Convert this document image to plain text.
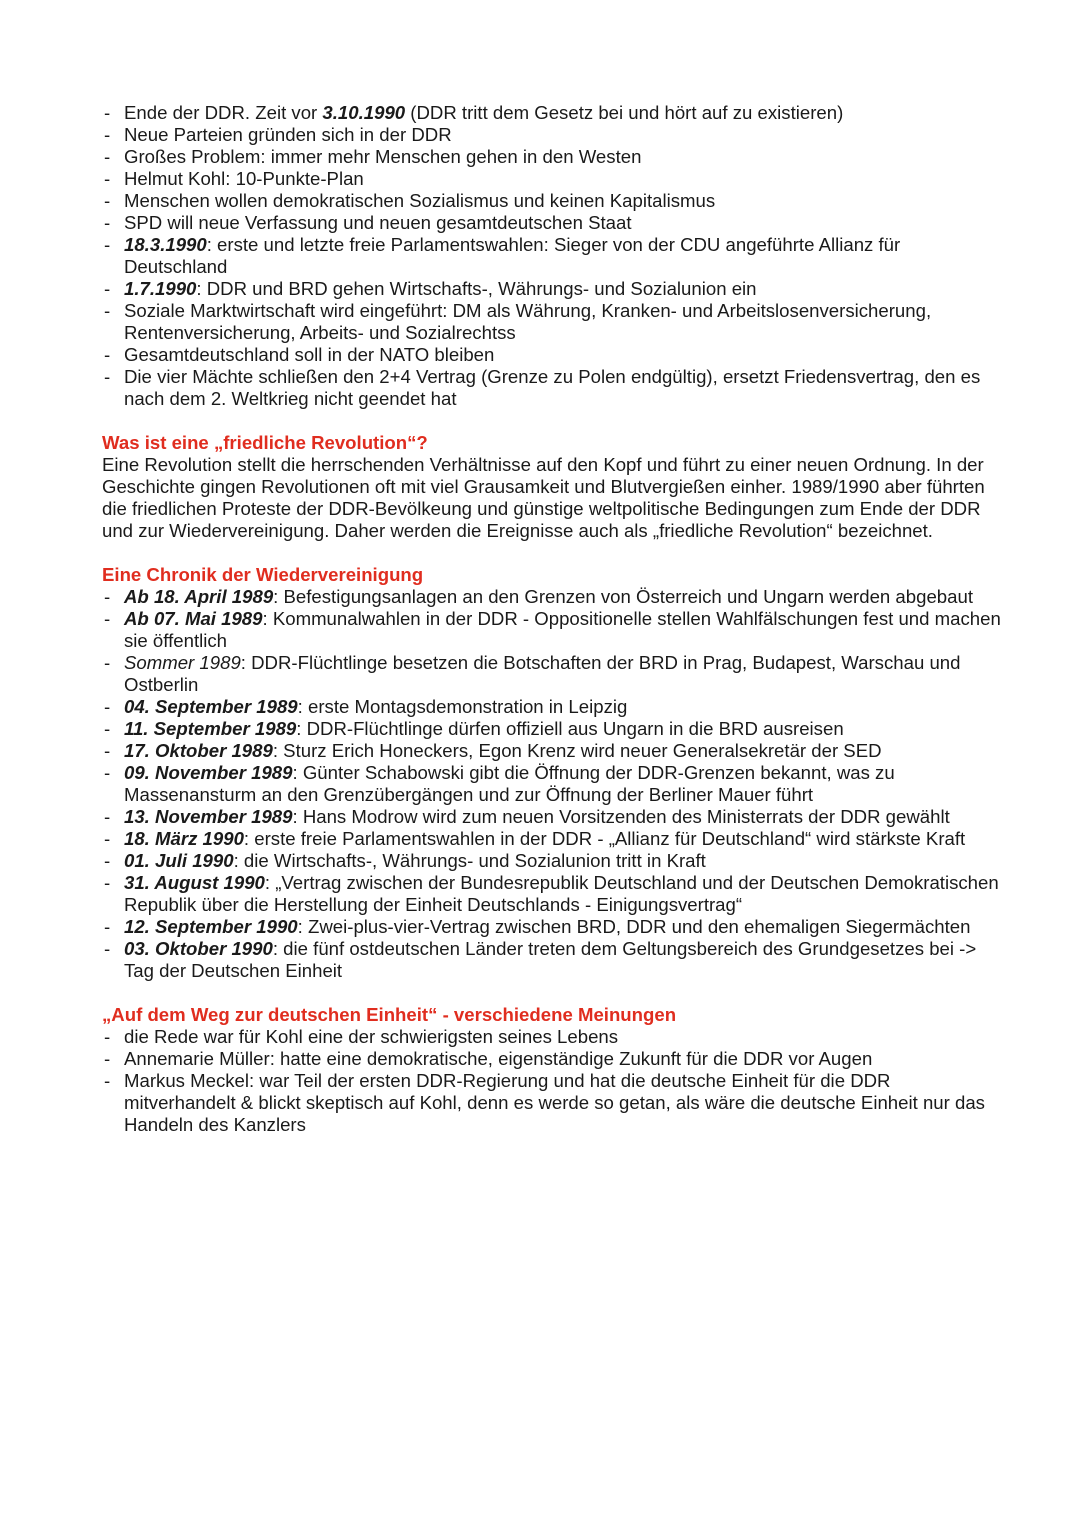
- Ende der DDR. Zeit vor 3.10.1990 (DDR tritt dem Gesetz bei und hört auf zu existieren)
- Neue Parteien gründen sich in der DDR
- Großes Problem: immer mehr Menschen gehen in den Westen
- Helmut Kohl: 10-Punkte-Plan
- Menschen wollen demokratischen Sozialismus und keinen Kapitalismus
- SPD will neue Verfassung und neuen gesamtdeutschen Staat
- 18.3.1990: erste und letzte freie Parlamentswahlen: Sieger von der CDU angeführte Allianz für Deutschland
- 1.7.1990: DDR und BRD gehen Wirtschafts-, Währungs- und Sozialunion ein
- Soziale Marktwirtschaft wird eingeführt: DM als Währung, Kranken- und Arbeitslosenversicherung, Rentenversicherung, Arbeits- und Sozialrechtss
- Gesamtdeutschland soll in der NATO bleiben
- Die vier Mächte schließen den 2+4 Vertrag (Grenze zu Polen endgültig), ersetzt Friedensvertrag, den es nach dem 2. Weltkrieg nicht geendet hat
Was ist eine „friedliche Revolution“?

Eine Revolution stellt die herrschenden Verhältnisse auf den Kopf und führt zu einer neuen Ordnung. In der Geschichte gingen Revolutionen oft mit viel Grausamkeit und Blutvergießen einher. 1989/1990 aber führten die friedlichen Proteste der DDR-Bevölkeung und günstige weltpolitische Bedingungen zum Ende der DDR und zur Wiedervereinigung. Daher werden die Ereignisse auch als „friedliche Revolution“ bezeichnet.

Eine Chronik der Wiedervereinigung
- Ab 18. April 1989: Befestigungsanlagen an den Grenzen von Österreich und Ungarn werden abgebaut
- Ab 07. Mai 1989: Kommunalwahlen in der DDR - Oppositionelle stellen Wahlfälschungen fest und machen sie öffentlich
- Sommer 1989: DDR-Flüchtlinge besetzen die Botschaften der BRD in Prag, Budapest, Warschau und Ostberlin
- 04. September 1989: erste Montagsdemonstration in Leipzig
- 11. September 1989: DDR-Flüchtlinge dürfen offiziell aus Ungarn in die BRD ausreisen
- 17. Oktober 1989: Sturz Erich Honeckers, Egon Krenz wird neuer Generalsekretär der SED
- 09. November 1989: Günter Schabowski gibt die Öffnung der DDR-Grenzen bekannt, was zu Massenansturm an den Grenzübergängen und zur Öffnung der Berliner Mauer führt
- 13. November 1989: Hans Modrow wird zum neuen Vorsitzenden des Ministerrats der DDR gewählt
- 18. März 1990: erste freie Parlamentswahlen in der DDR - „Allianz für Deutschland“ wird stärkste Kraft
- 01. Juli 1990: die Wirtschafts-, Währungs- und Sozialunion tritt in Kraft
- 31. August 1990: „Vertrag zwischen der Bundesrepublik Deutschland und der Deutschen Demokratischen Republik über die Herstellung der Einheit Deutschlands - Einigungsvertrag“
- 12. September 1990: Zwei-plus-vier-Vertrag zwischen BRD, DDR und den ehemaligen Siegermächten
- 03. Oktober 1990: die fünf ostdeutschen Länder treten dem Geltungsbereich des Grundgesetzes bei -> Tag der Deutschen Einheit
„Auf dem Weg zur deutschen Einheit“ - verschiedene Meinungen
- die Rede war für Kohl eine der schwierigsten seines Lebens
- Annemarie Müller: hatte eine demokratische, eigenständige Zukunft für die DDR vor Augen
- Markus Meckel: war Teil der ersten DDR-Regierung und hat die deutsche Einheit für die DDR mitverhandelt & blickt skeptisch auf Kohl, denn es werde so getan, als wäre die deutsche Einheit nur das Handeln des Kanzlers
